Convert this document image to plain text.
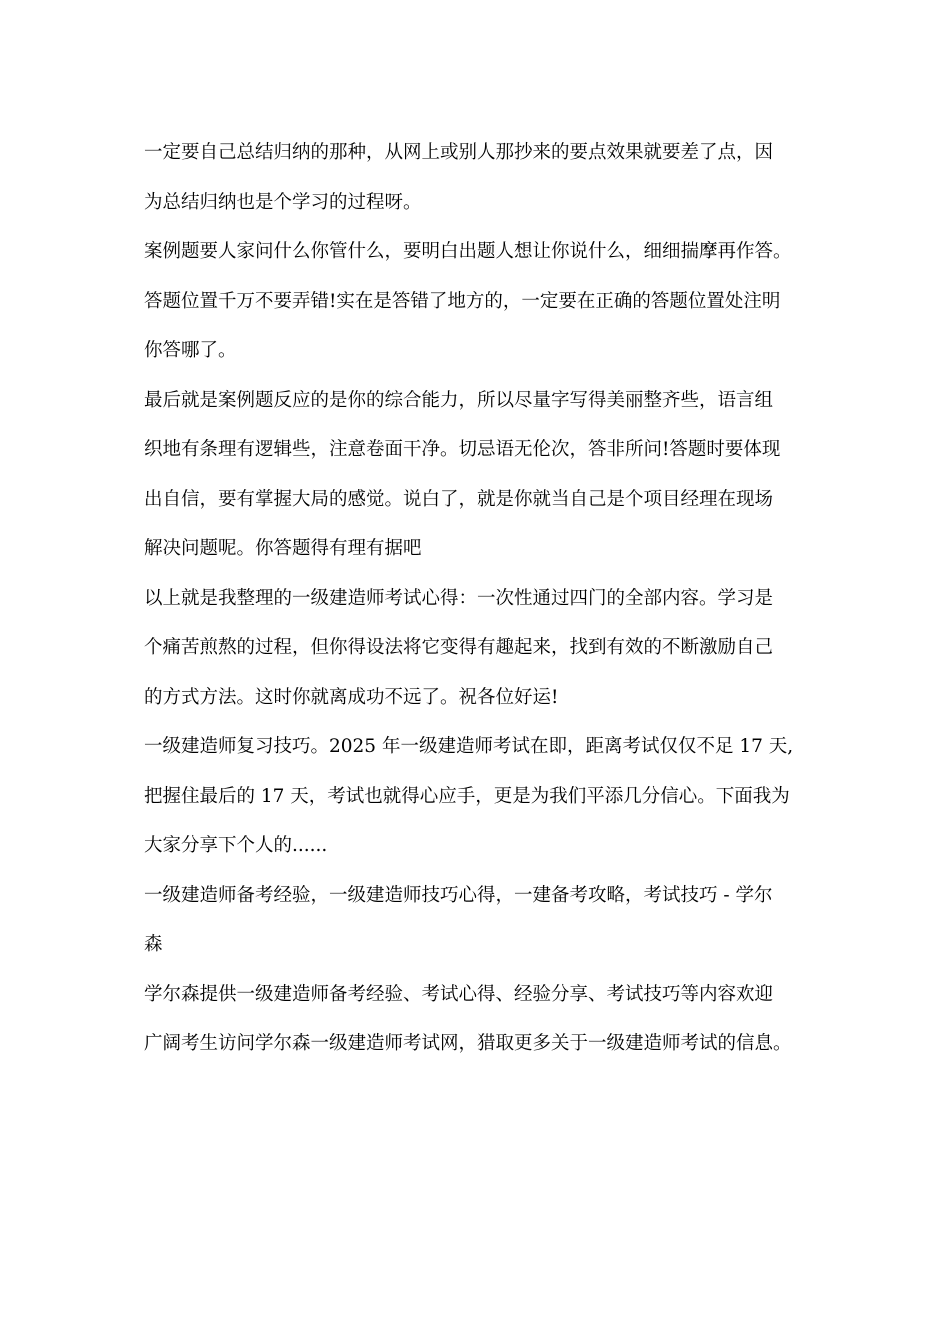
一定要自己总结归纳的那种，从网上或别人那抄来的要点效果就要差了点，因

为总结归纳也是个学习的过程呀。

案例题要人家问什么你管什么，要明白出题人想让你说什么，细细揣摩再作答。

答题位置千万不要弄错!实在是答错了地方的，一定要在正确的答题位置处注明

你答哪了。

最后就是案例题反应的是你的综合能力，所以尽量字写得美丽整齐些，语言组

织地有条理有逻辑些，注意卷面干净。切忌语无伦次，答非所问!答题时要体现

出自信，要有掌握大局的感觉。说白了，就是你就当自己是个项目经理在现场

解决问题呢。你答题得有理有据吧

以上就是我整理的一级建造师考试心得：一次性通过四门的全部内容。学习是

个痛苦煎熬的过程，但你得设法将它变得有趣起来，找到有效的不断激励自己

的方式方法。这时你就离成功不远了。祝各位好运!

一级建造师复习技巧。2025 年一级建造师考试在即，距离考试仅仅不足 17 天,

把握住最后的 17 天，考试也就得心应手，更是为我们平添几分信心。下面我为

大家分享下个人的......

一级建造师备考经验，一级建造师技巧心得，一建备考攻略，考试技巧 - 学尔

森

学尔森提供一级建造师备考经验、考试心得、经验分享、考试技巧等内容欢迎

广阔考生访问学尔森一级建造师考试网，猎取更多关于一级建造师考试的信息。
